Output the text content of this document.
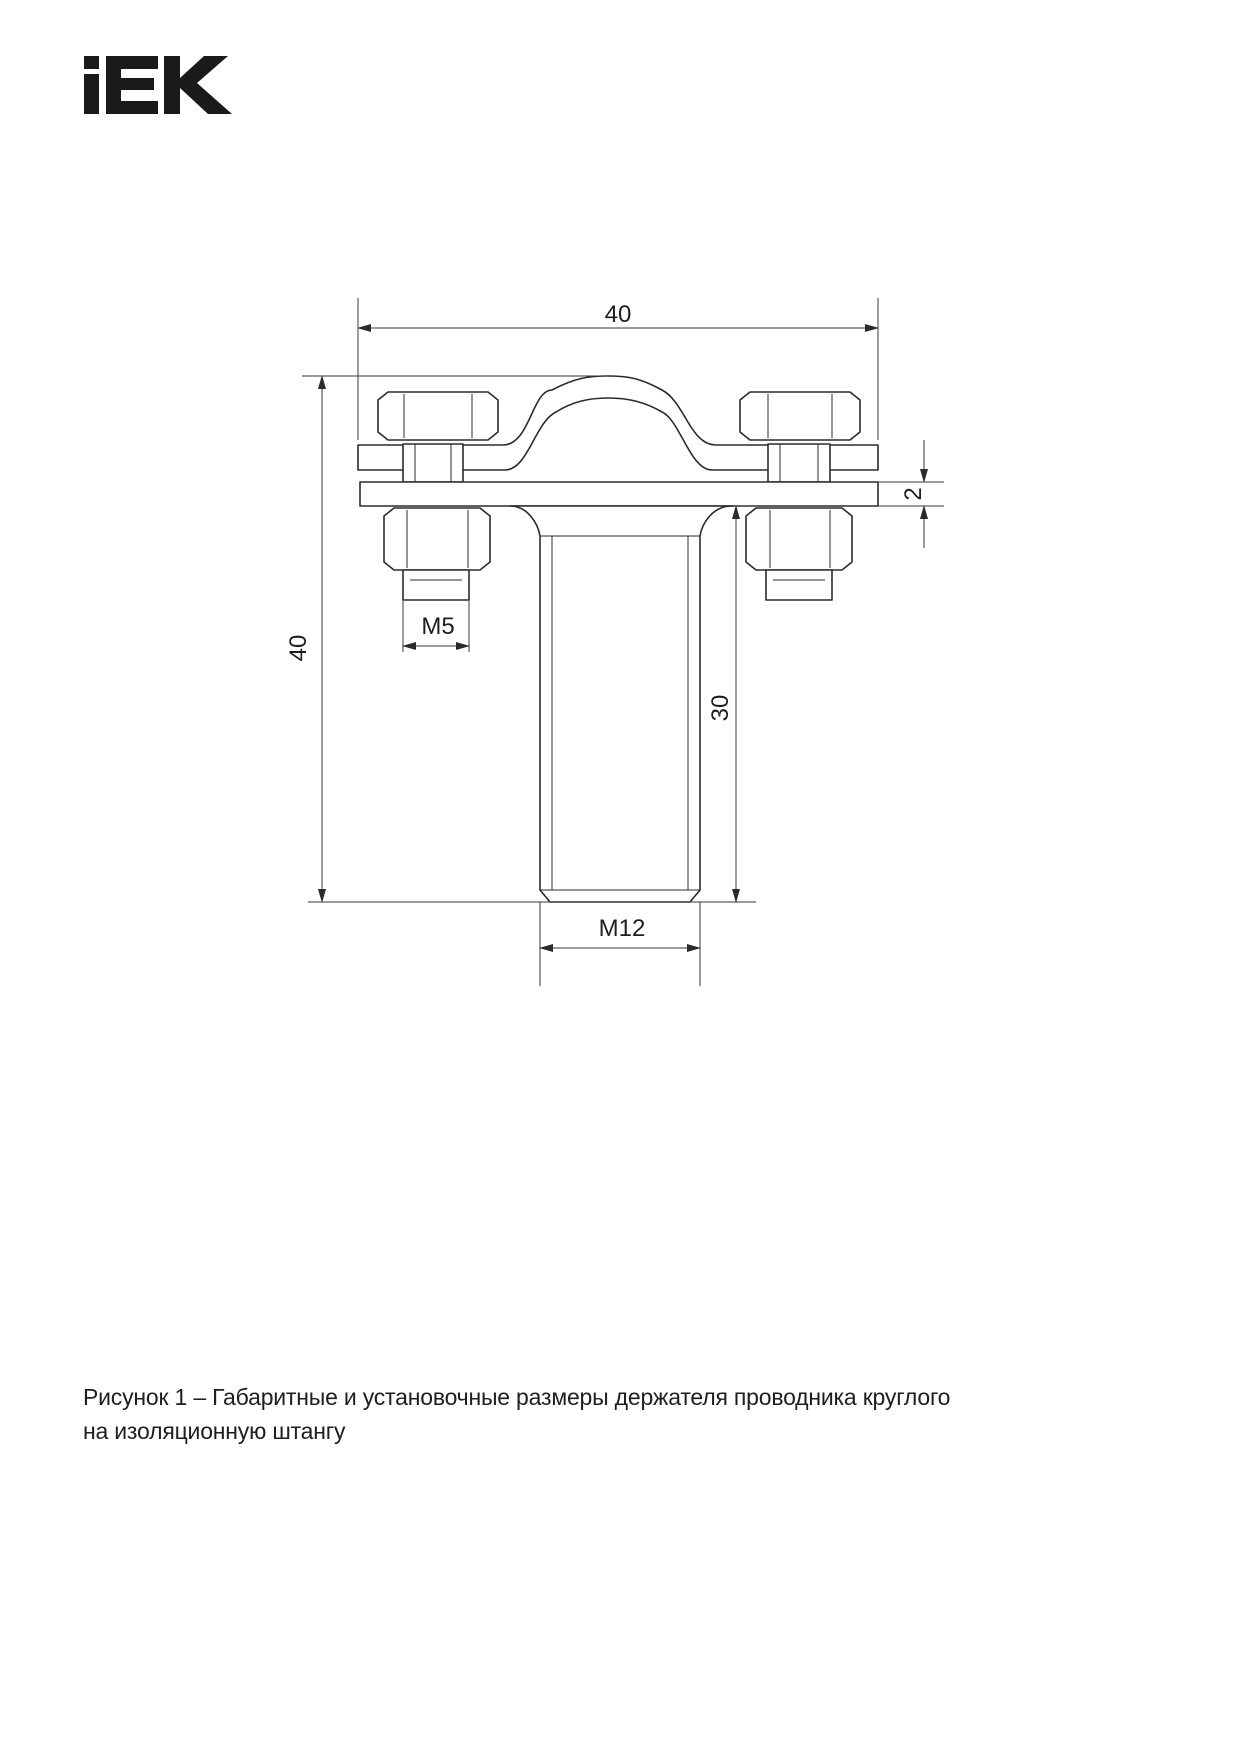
40
40
2
30
M5
M12
Рисунок 1 – Габаритные и установочные размеры держателя проводника круглого
на изоляционную штангу
